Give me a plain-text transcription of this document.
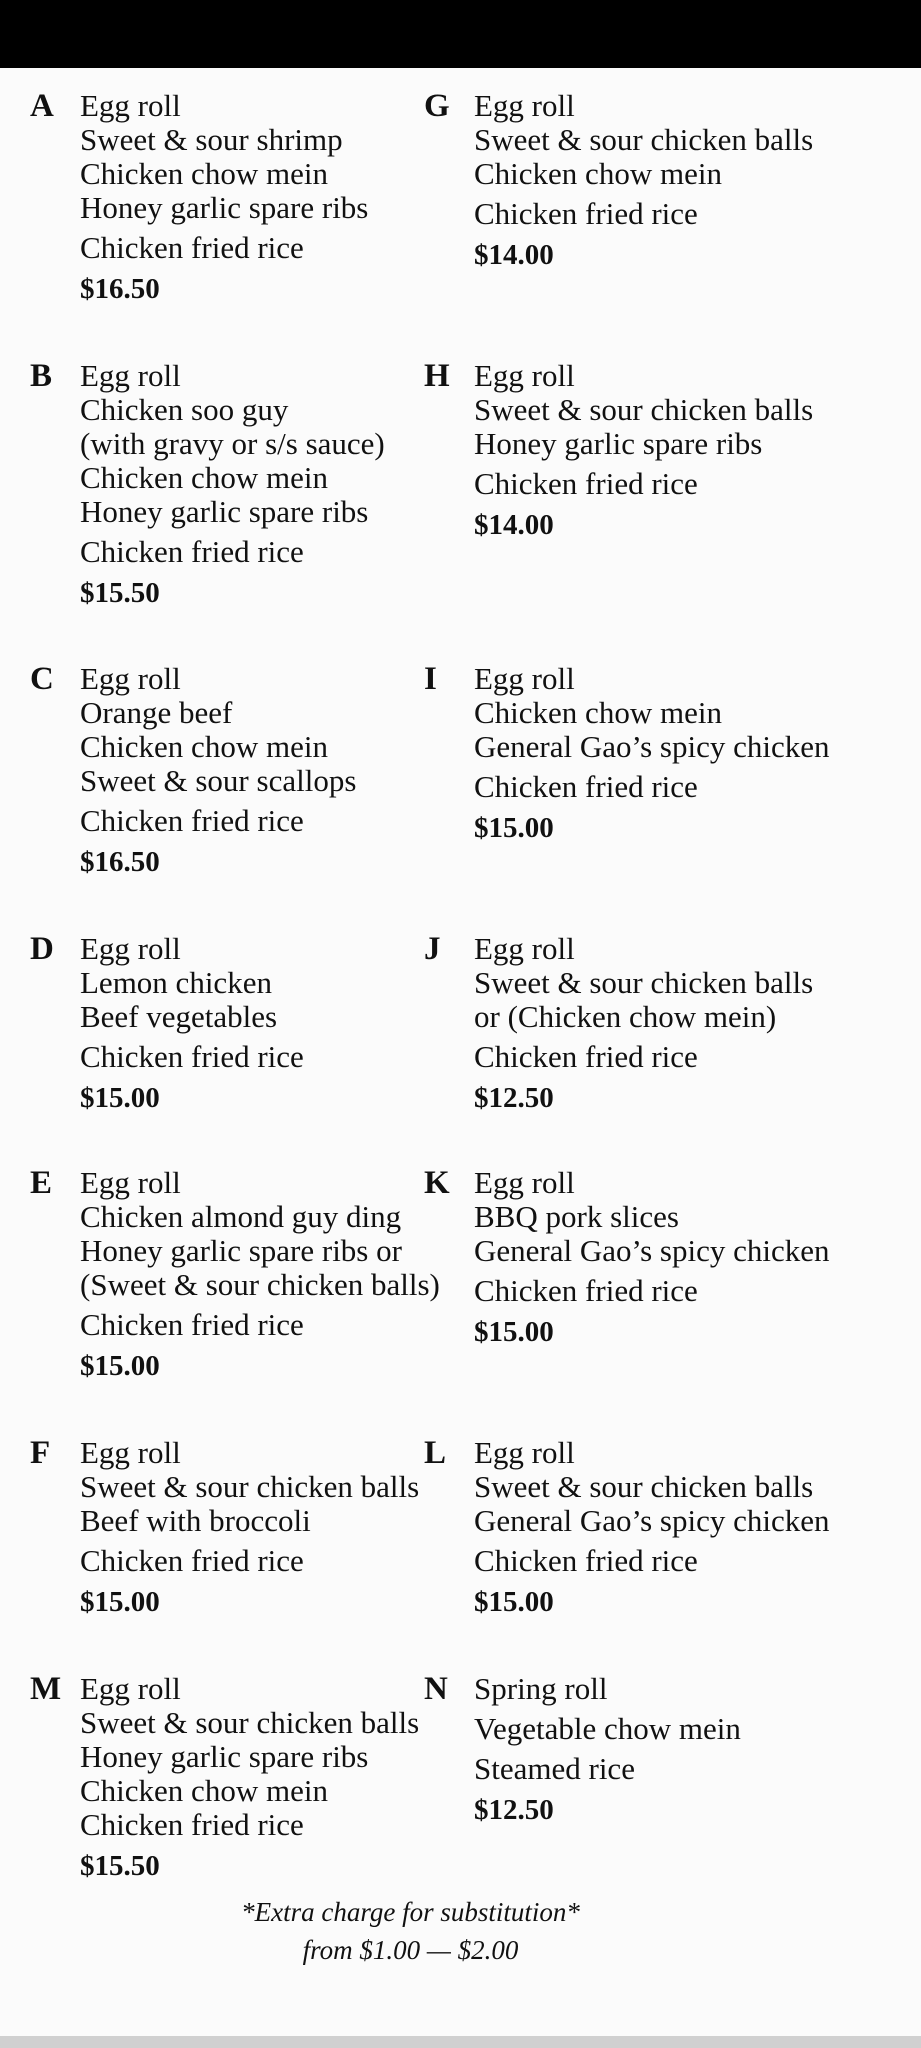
A Egg roll
Sweet & sour shrimp
Chicken chow mein
Honey garlic spare ribs
Chicken fried rice
$16.50
G Egg roll
Sweet & sour chicken balls
Chicken chow mein
Chicken fried rice
$14.00
B Egg roll
Chicken soo guy
(with gravy or s/s sauce)
Chicken chow mein
Honey garlic spare ribs
Chicken fried rice
$15.50
H Egg roll
Sweet & sour chicken balls
Honey garlic spare ribs
Chicken fried rice
$14.00
C Egg roll
Orange beef
Chicken chow mein
Sweet & sour scallops
Chicken fried rice
$16.50
I Egg roll
Chicken chow mein
General Gao’s spicy chicken
Chicken fried rice
$15.00
D Egg roll
Lemon chicken
Beef vegetables
Chicken fried rice
$15.00
J Egg roll
Sweet & sour chicken balls
or (Chicken chow mein)
Chicken fried rice
$12.50
E Egg roll
Chicken almond guy ding
Honey garlic spare ribs or
(Sweet & sour chicken balls)
Chicken fried rice
$15.00
K Egg roll
BBQ pork slices
General Gao’s spicy chicken
Chicken fried rice
$15.00
F Egg roll
Sweet & sour chicken balls
Beef with broccoli
Chicken fried rice
$15.00
L Egg roll
Sweet & sour chicken balls
General Gao’s spicy chicken
Chicken fried rice
$15.00
M Egg roll
Sweet & sour chicken balls
Honey garlic spare ribs
Chicken chow mein
Chicken fried rice
$15.50
N Spring roll
Vegetable chow mein
Steamed rice
$12.50
*Extra charge for substitution*
from $1.00 — $2.00
